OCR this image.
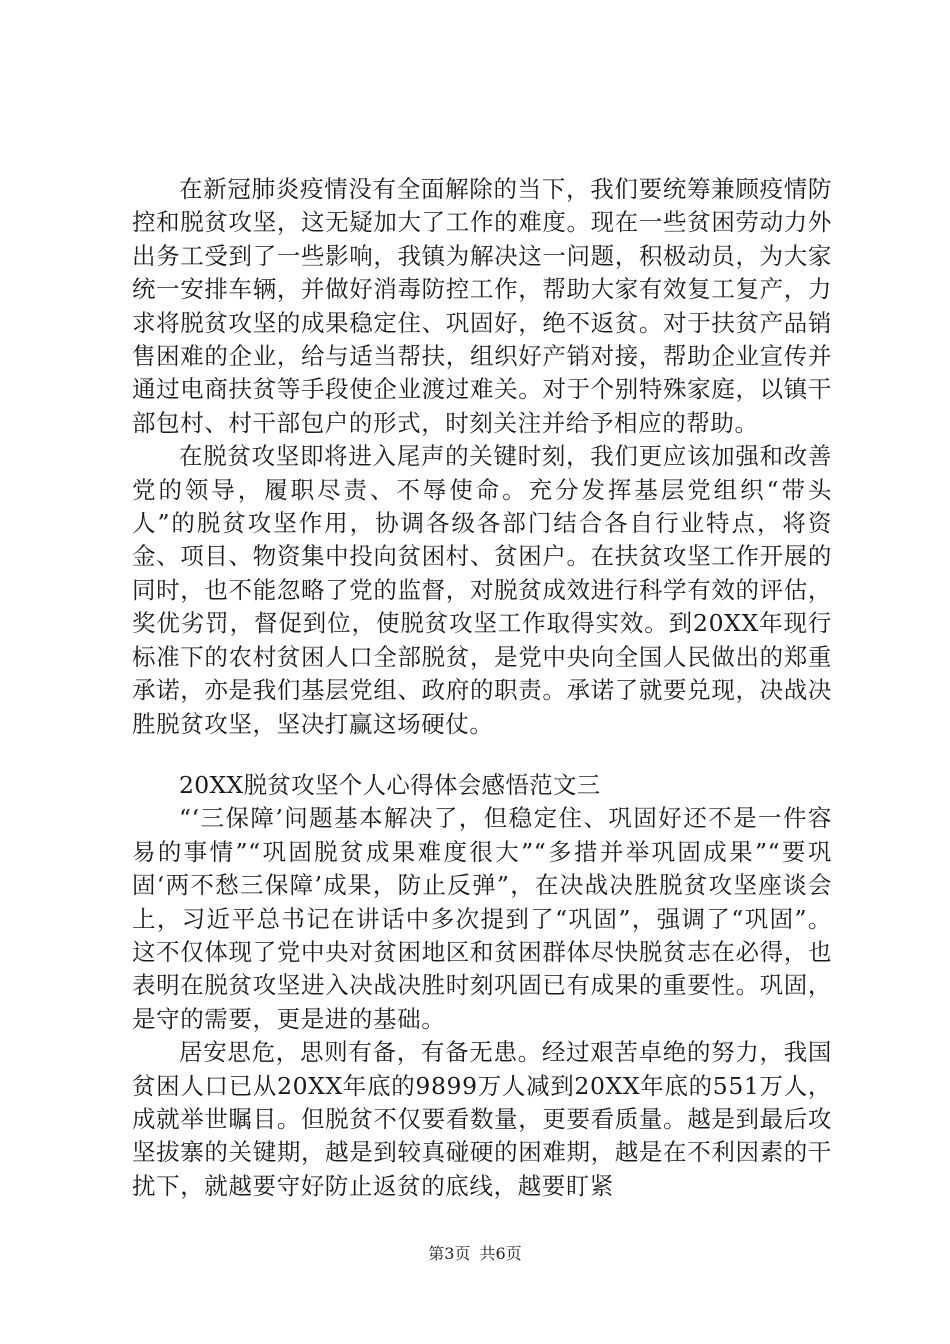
在新冠肺炎疫情没有全面解除的当下，我们要统筹兼顾疫情防控和脱贫攻坚，这无疑加大了工作的难度。现在一些贫困劳动力外出务工受到了一些影响，我镇为解决这一问题，积极动员，为大家统一安排车辆，并做好消毒防控工作，帮助大家有效复工复产，力求将脱贫攻坚的成果稳定住、巩固好，绝不返贫。对于扶贫产品销售困难的企业，给与适当帮扶，组织好产销对接，帮助企业宣传并通过电商扶贫等手段使企业渡过难关。对于个别特殊家庭，以镇干部包村、村干部包户的形式，时刻关注并给予相应的帮助。

在脱贫攻坚即将进入尾声的关键时刻，我们更应该加强和改善党的领导，履职尽责、不辱使命。充分发挥基层党组织“带头人”的脱贫攻坚作用，协调各级各部门结合各自行业特点，将资金、项目、物资集中投向贫困村、贫困户。在扶贫攻坚工作开展的同时，也不能忽略了党的监督，对脱贫成效进行科学有效的评估，奖优劣罚，督促到位，使脱贫攻坚工作取得实效。到20XX年现行标准下的农村贫困人口全部脱贫，是党中央向全国人民做出的郑重承诺，亦是我们基层党组、政府的职责。承诺了就要兑现，决战决胜脱贫攻坚，坚决打赢这场硬仗。

20XX脱贫攻坚个人心得体会感悟范文三

“‘三保障’问题基本解决了，但稳定住、巩固好还不是一件容易的事情”“巩固脱贫成果难度很大”“多措并举巩固成果”“要巩固‘两不愁三保障’成果，防止反弹”，在决战决胜脱贫攻坚座谈会上，习近平总书记在讲话中多次提到了“巩固”，强调了“巩固”。这不仅体现了党中央对贫困地区和贫困群体尽快脱贫志在必得，也表明在脱贫攻坚进入决战决胜时刻巩固已有成果的重要性。巩固，是守的需要，更是进的基础。

居安思危，思则有备，有备无患。经过艰苦卓绝的努力，我国贫困人口已从20XX年底的9899万人减到20XX年底的551万人，成就举世瞩目。但脱贫不仅要看数量，更要看质量。越是到最后攻坚拔寨的关键期，越是到较真碰硬的困难期，越是在不利因素的干扰下，就越要守好防止返贫的底线，越要盯紧

第3页 共6页
